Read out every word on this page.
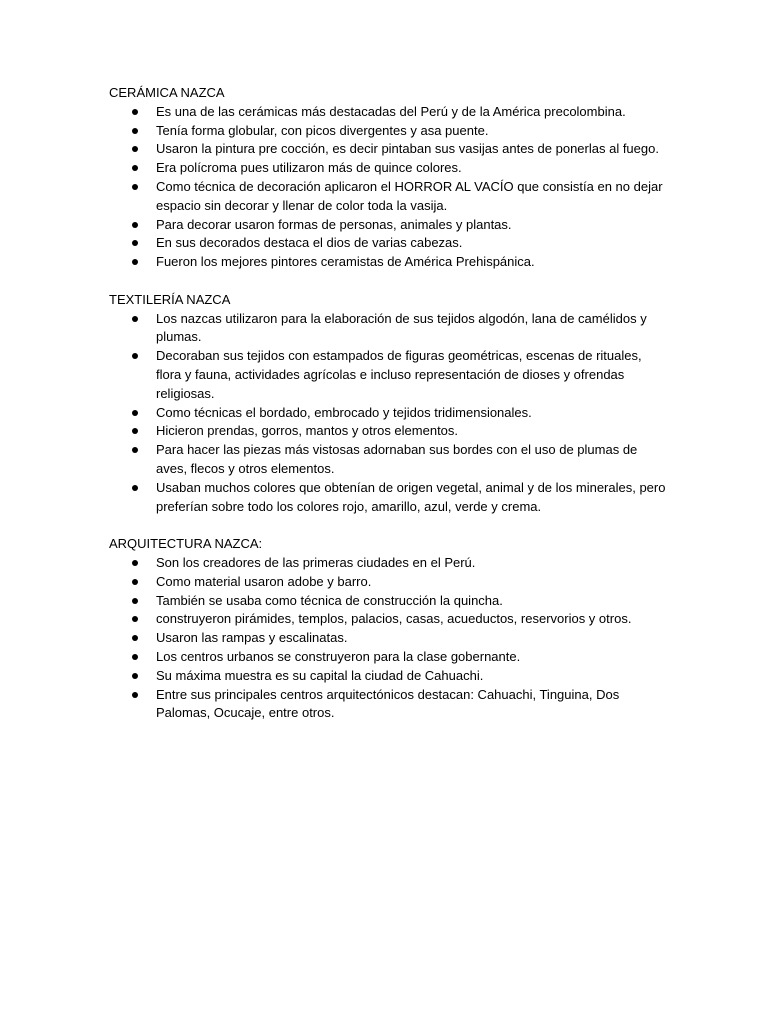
CERÁMICA NAZCA

Es una de las cerámicas más destacadas del Perú y de la América precolombina.
Tenía forma globular, con picos divergentes y asa puente.
Usaron la pintura pre cocción, es decir pintaban sus vasijas antes de ponerlas al fuego.
Era polícroma pues utilizaron más de quince colores.
Como técnica de decoración aplicaron el HORROR AL VACÍO que consistía en no dejar espacio sin decorar y llenar de color toda la vasija.
Para decorar usaron formas de personas, animales y plantas.
En sus decorados destaca el dios de varias cabezas.
Fueron los mejores pintores ceramistas de América Prehispánica.

TEXTILERÍA NAZCA

Los nazcas utilizaron para la elaboración de sus tejidos algodón, lana de camélidos y plumas.
Decoraban sus tejidos con estampados de figuras geométricas, escenas de rituales, flora y fauna, actividades agrícolas e incluso representación de dioses y ofrendas religiosas.
Como técnicas el bordado, embrocado y tejidos tridimensionales.
Hicieron prendas, gorros, mantos y otros elementos.
Para hacer las piezas más vistosas adornaban sus bordes con el uso de plumas de aves, flecos y otros elementos.
Usaban muchos colores que obtenían de origen vegetal, animal y de los minerales, pero preferían sobre todo los colores rojo, amarillo, azul, verde y crema.

ARQUITECTURA NAZCA:

Son los creadores de las primeras ciudades en el Perú.
Como material usaron adobe y barro.
También se usaba como técnica de construcción la quincha.
construyeron pirámides, templos, palacios, casas, acueductos, reservorios y otros.
Usaron las rampas y escalinatas.
Los centros urbanos se construyeron para la clase gobernante.
Su máxima muestra es su capital la ciudad de Cahuachi.
Entre sus principales centros arquitectónicos destacan: Cahuachi, Tinguina, Dos Palomas, Ocucaje, entre otros.
